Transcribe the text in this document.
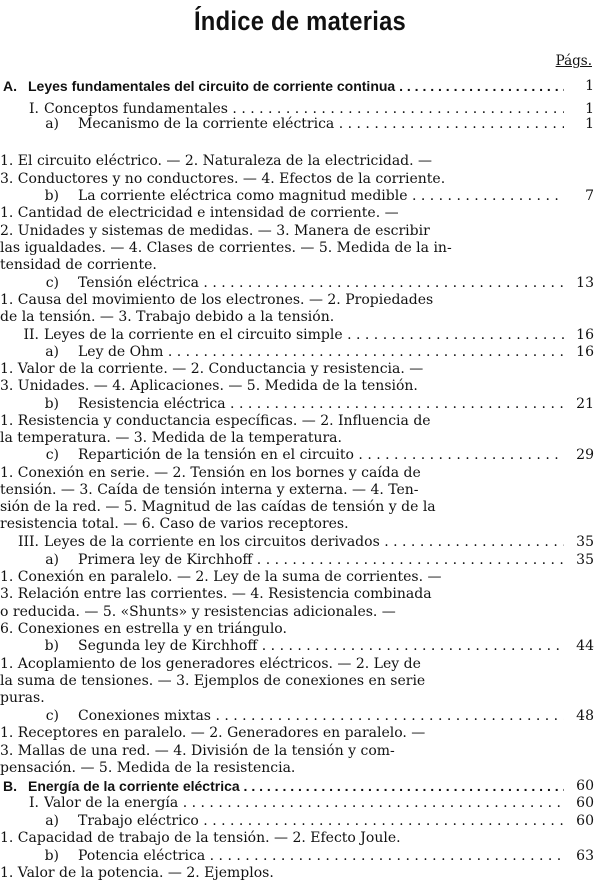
Índice de materias
Págs.
A. Leyes fundamentales del circuito de corriente continua . . .	1
I. Conceptos fundamentales . . .	1
a) Mecanismo de la corriente eléctrica . . .	1
1. El circuito eléctrico. — 2. Naturaleza de la electricidad. —
3. Conductores y no conductores. — 4. Efectos de la corriente.
b) La corriente eléctrica como magnitud medible . . .	7
1. Cantidad de electricidad e intensidad de corriente. —
2. Unidades y sistemas de medidas. — 3. Manera de escribir
las igualdades. — 4. Clases de corrientes. — 5. Medida de la in-
tensidad de corriente.
c) Tensión eléctrica . . .	13
1. Causa del movimiento de los electrones. — 2. Propiedades
de la tensión. — 3. Trabajo debido a la tensión.
II. Leyes de la corriente en el circuito simple . . .	16
a) Ley de Ohm . . .	16
1. Valor de la corriente. — 2. Conductancia y resistencia. —
3. Unidades. — 4. Aplicaciones. — 5. Medida de la tensión.
b) Resistencia eléctrica . . .	21
1. Resistencia y conductancia específicas. — 2. Influencia de
la temperatura. — 3. Medida de la temperatura.
c) Repartición de la tensión en el circuito . . .	29
1. Conexión en serie. — 2. Tensión en los bornes y caída de
tensión. — 3. Caída de tensión interna y externa. — 4. Ten-
sión de la red. — 5. Magnitud de las caídas de tensión y de la
resistencia total. — 6. Caso de varios receptores.
III. Leyes de la corriente en los circuitos derivados . . .	35
a) Primera ley de Kirchhoff . . .	35
1. Conexión en paralelo. — 2. Ley de la suma de corrientes. —
3. Relación entre las corrientes. — 4. Resistencia combinada
o reducida. — 5. «Shunts» y resistencias adicionales. —
6. Conexiones en estrella y en triángulo.
b) Segunda ley de Kirchhoff . . .	44
1. Acoplamiento de los generadores eléctricos. — 2. Ley de
la suma de tensiones. — 3. Ejemplos de conexiones en serie
puras.
c) Conexiones mixtas . . .	48
1. Receptores en paralelo. — 2. Generadores en paralelo. —
3. Mallas de una red. — 4. División de la tensión y com-
pensación. — 5. Medida de la resistencia.
B. Energía de la corriente eléctrica . . .	60
I. Valor de la energía . . .	60
a) Trabajo eléctrico . . .	60
1. Capacidad de trabajo de la tensión. — 2. Efecto Joule.
b) Potencia eléctrica . . .	63
1. Valor de la potencia. — 2. Ejemplos.
